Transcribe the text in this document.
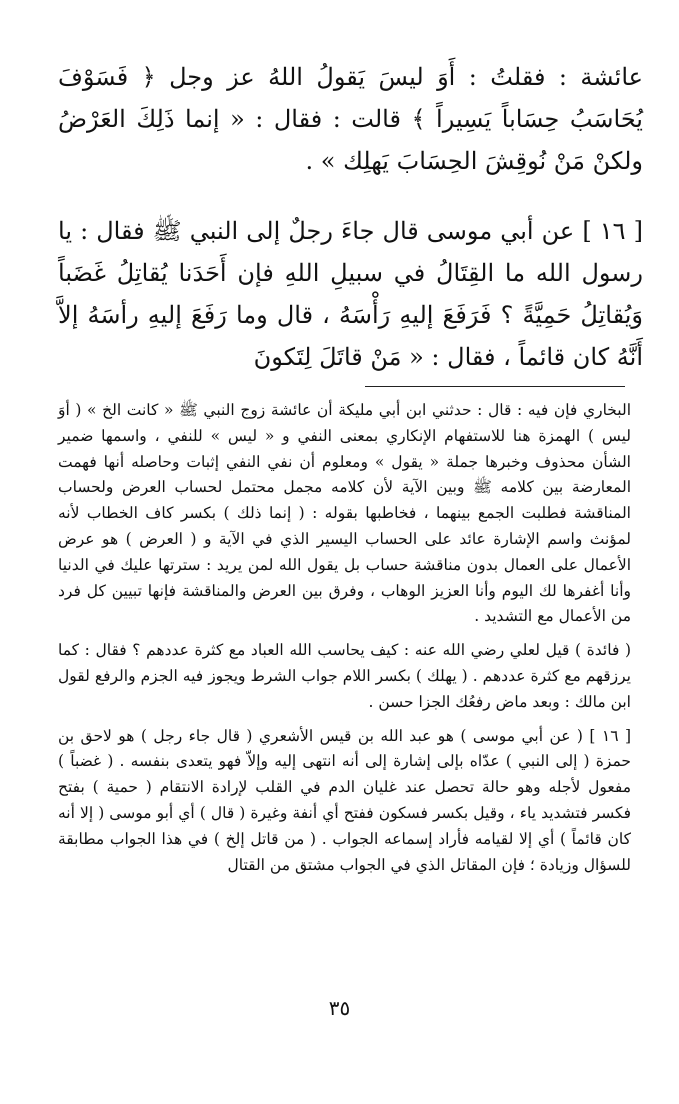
عائشة : فقلتُ : أَوَ ليسَ يَقولُ اللهُ عز وجل ﴿ فَسَوْفَ يُحَاسَبُ حِسَاباً يَسِيراً ﴾ قالت : فقال : « إنما ذَلِكَ العَرْضُ ولكنْ مَنْ نُوقِشَ الحِسَابَ يَهلِك » .

[ ١٦ ] عن أبي موسى قال جاءَ رجلٌ إلى النبي ﷺ فقال : يا رسول الله ما القِتَالُ في سبيلِ اللهِ فإن أَحَدَنا يُقاتِلُ غَضَباً وَيُقاتِلُ حَمِيَّةً ؟ فَرَفَعَ إليهِ رَأْسَهُ ، قال وما رَفَعَ إليهِ رأسَهُ إلاَّ أَنَّهُ كان قائماً ، فقال : « مَنْ قاتَلَ لِتَكونَ

البخاري فإن فيه : قال : حدثني ابن أبي مليكة أن عائشة زوج النبي ﷺ « كانت الخ » ( أوَ ليس ) الهمزة هنا للاستفهام الإنكاري بمعنى النفي و « ليس » للنفي ، واسمها ضمير الشأن محذوف وخبرها جملة « يقول » ومعلوم أن نفي النفي إثبات وحاصله أنها فهمت المعارضة بين كلامه ﷺ وبين الآية لأن كلامه مجمل محتمل لحساب العرض ولحساب المناقشة فطلبت الجمع بينهما ، فخاطبها بقوله : ( إنما ذلك ) بكسر كاف الخطاب لأنه لمؤنث واسم الإشارة عائد على الحساب اليسير الذي في الآية و ( العرض ) هو عرض الأعمال على العمال بدون مناقشة حساب بل يقول الله لمن يريد : سترتها عليك في الدنيا وأنا أغفرها لك اليوم وأنا العزيز الوهاب ، وفرق بين العرض والمناقشة فإنها تبيين كل فرد من الأعمال مع التشديد .

( فائدة ) قيل لعلي رضي الله عنه : كيف يحاسب الله العباد مع كثرة عددهم ؟ فقال : كما يرزقهم مع كثرة عددهم . ( يهلك ) بكسر اللام جواب الشرط ويجوز فيه الجزم والرفع لقول ابن مالك : وبعد ماض رفعُك الجزا حسن .

[ ١٦ ] ( عن أبي موسى ) هو عبد الله بن قيس الأشعري ( قال جاء رجل ) هو لاحق بن حمزة ( إلى النبي ) عدّاه بإلى إشارة إلى أنه انتهى إليه وإلاّ فهو يتعدى بنفسه . ( غضباً ) مفعول لأجله وهو حالة تحصل عند غليان الدم في القلب لإرادة الانتقام ( حمية ) بفتح فكسر فتشديد ياء ، وقيل بكسر فسكون ففتح أي أنفة وغيرة ( قال ) أي أبو موسى ( إلا أنه كان قائماً ) أي إلا لقيامه فأراد إسماعه الجواب . ( من قاتل إلخ ) في هذا الجواب مطابقة للسؤال وزيادة ؛ فإن المقاتل الذي في الجواب مشتق من القتال

٣٥
